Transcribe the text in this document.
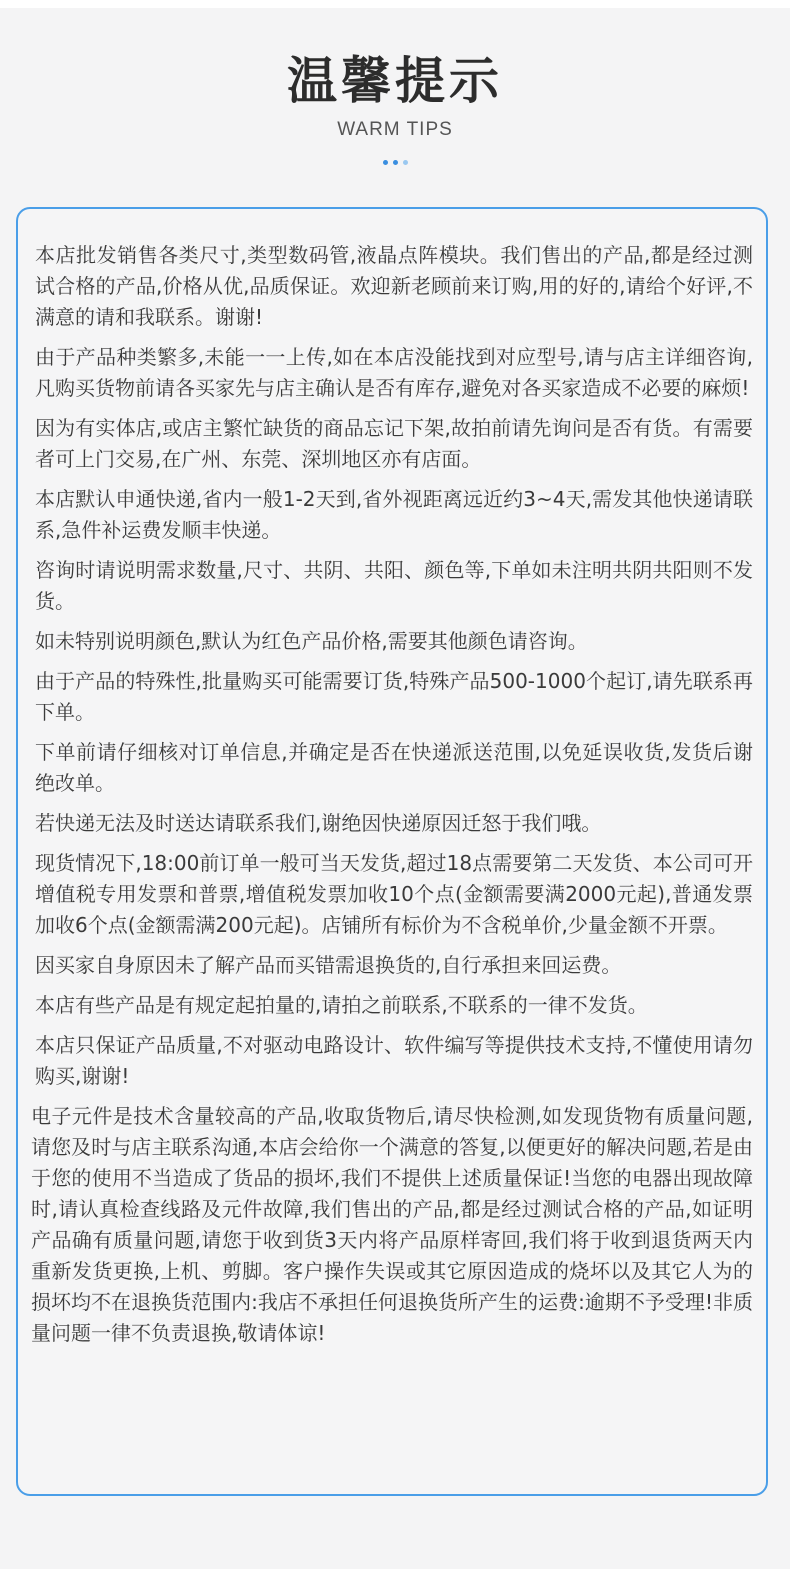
温馨提示
WARM TIPS

本店批发销售各类尺寸,类型数码管,液晶点阵模块。我们售出的产品,都是经过测试合格的产品,价格从优,品质保证。欢迎新老顾前来订购,用的好的,请给个好评,不满意的请和我联系。谢谢!

由于产品种类繁多,未能一一上传,如在本店没能找到对应型号,请与店主详细咨询,凡购买货物前请各买家先与店主确认是否有库存,避免对各买家造成不必要的麻烦!

因为有实体店,或店主繁忙缺货的商品忘记下架,故拍前请先询问是否有货。有需要者可上门交易,在广州、东莞、深圳地区亦有店面。

本店默认申通快递,省内一般1-2天到,省外视距离远近约3~4天,需发其他快递请联系,急件补运费发顺丰快递。

咨询时请说明需求数量,尺寸、共阴、共阳、颜色等,下单如未注明共阴共阳则不发货。

如未特别说明颜色,默认为红色产品价格,需要其他颜色请咨询。

由于产品的特殊性,批量购买可能需要订货,特殊产品500-1000个起订,请先联系再下单。

下单前请仔细核对订单信息,并确定是否在快递派送范围,以免延误收货,发货后谢绝改单。

若快递无法及时送达请联系我们,谢绝因快递原因迁怒于我们哦。

现货情况下,18:00前订单一般可当天发货,超过18点需要第二天发货、本公司可开增值税专用发票和普票,增值税发票加收10个点(金额需要满2000元起),普通发票加收6个点(金额需满200元起)。店铺所有标价为不含税单价,少量金额不开票。

因买家自身原因未了解产品而买错需退换货的,自行承担来回运费。

本店有些产品是有规定起拍量的,请拍之前联系,不联系的一律不发货。

本店只保证产品质量,不对驱动电路设计、软件编写等提供技术支持,不懂使用请勿购买,谢谢!

电子元件是技术含量较高的产品,收取货物后,请尽快检测,如发现货物有质量问题,请您及时与店主联系沟通,本店会给你一个满意的答复,以便更好的解决问题,若是由于您的使用不当造成了货品的损坏,我们不提供上述质量保证!当您的电器出现故障时,请认真检查线路及元件故障,我们售出的产品,都是经过测试合格的产品,如证明产品确有质量问题,请您于收到货3天内将产品原样寄回,我们将于收到退货两天内重新发货更换,上机、剪脚。客户操作失误或其它原因造成的烧坏以及其它人为的损坏均不在退换货范围内:我店不承担任何退换货所产生的运费:逾期不予受理!非质量问题一律不负责退换,敬请体谅!
